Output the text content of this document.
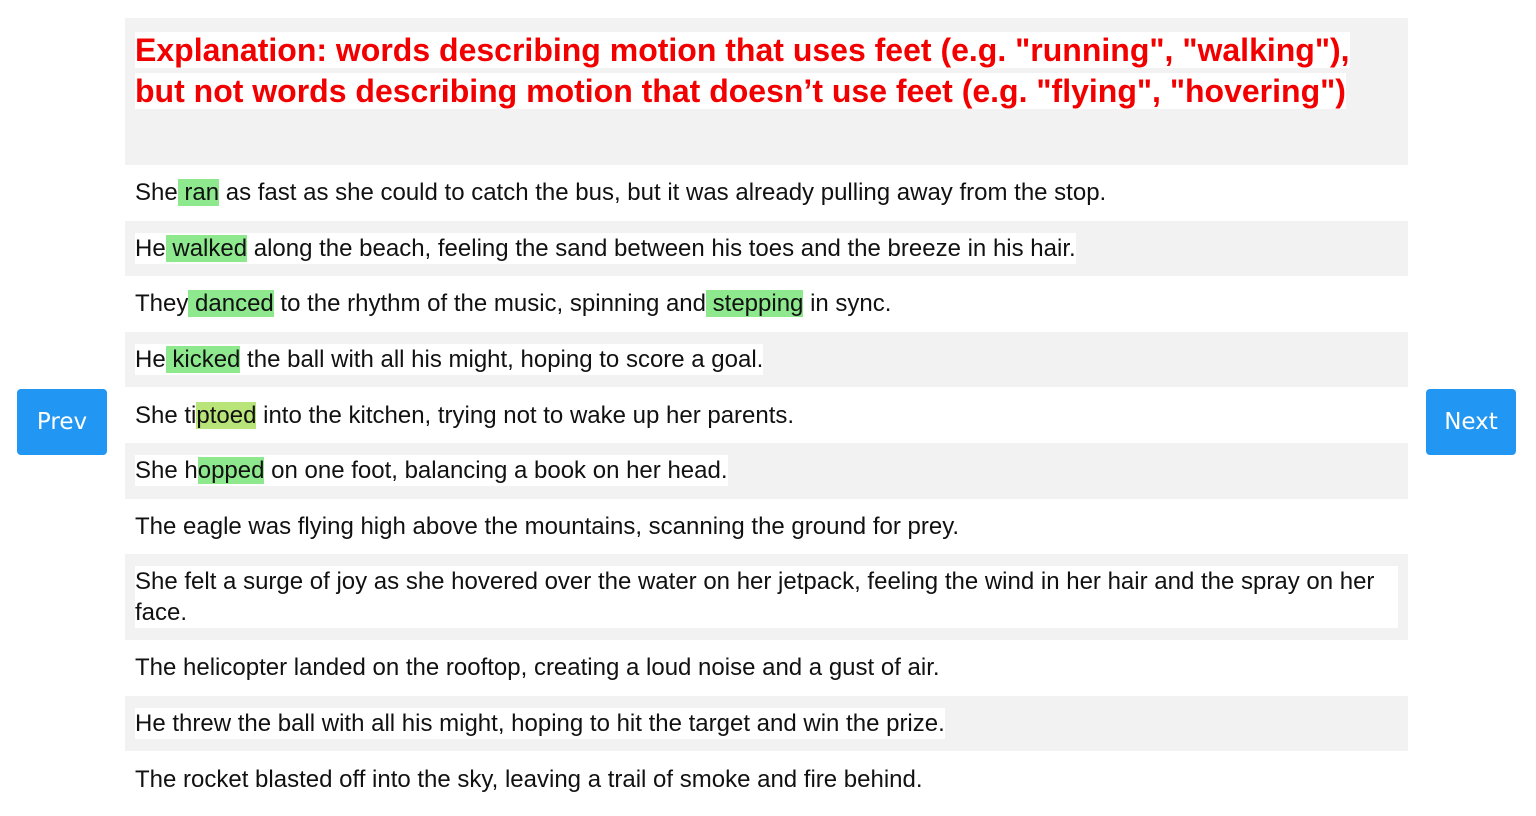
Prev	Next
Explanation: words describing motion that uses feet (e.g. "running", "walking"), but not words describing motion that doesn’t use feet (e.g. "flying", "hovering")
She ran as fast as she could to catch the bus, but it was already pulling away from the stop.
He walked along the beach, feeling the sand between his toes and the breeze in his hair.
They danced to the rhythm of the music, spinning and stepping in sync.
He kicked the ball with all his might, hoping to score a goal.
She tiptoed into the kitchen, trying not to wake up her parents.
She hopped on one foot, balancing a book on her head.
The eagle was flying high above the mountains, scanning the ground for prey.
She felt a surge of joy as she hovered over the water on her jetpack, feeling the wind in her hair and the spray on her face.
The helicopter landed on the rooftop, creating a loud noise and a gust of air.
He threw the ball with all his might, hoping to hit the target and win the prize.
The rocket blasted off into the sky, leaving a trail of smoke and fire behind.
